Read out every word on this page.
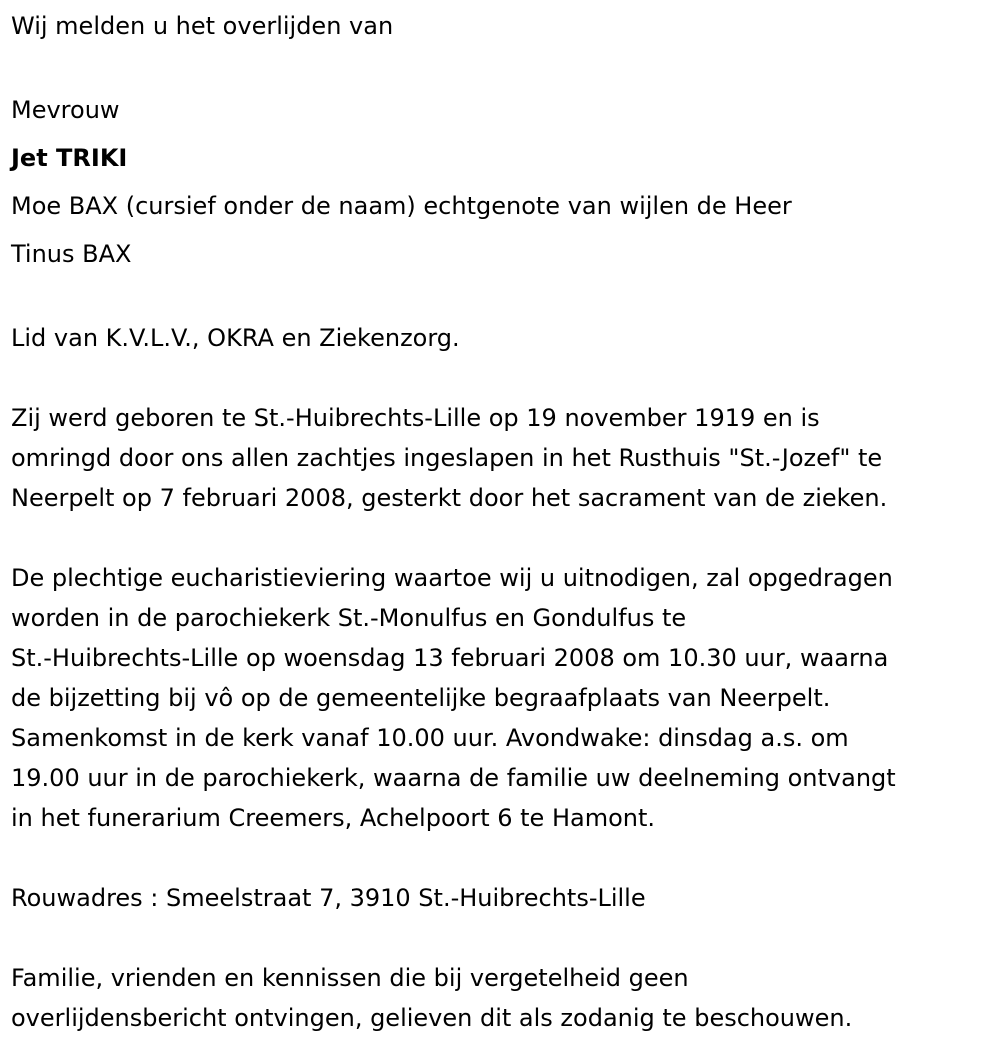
Wij melden u het overlijden van
Mevrouw
Jet TRIKI
Moe BAX (cursief onder de naam) echtgenote van wijlen de Heer
Tinus BAX
Lid van K.V.L.V., OKRA en Ziekenzorg.
Zij werd geboren te St.-Huibrechts-Lille op 19 november 1919 en is
omringd door ons allen zachtjes ingeslapen in het Rusthuis "St.-Jozef" te
Neerpelt op 7 februari 2008, gesterkt door het sacrament van de zieken.
De plechtige eucharistieviering waartoe wij u uitnodigen, zal opgedragen
worden in de parochiekerk St.-Monulfus en Gondulfus te
St.-Huibrechts-Lille op woensdag 13 februari 2008 om 10.30 uur, waarna
de bijzetting bij vô op de gemeentelijke begraafplaats van Neerpelt.
Samenkomst in de kerk vanaf 10.00 uur. Avondwake: dinsdag a.s. om
19.00 uur in de parochiekerk, waarna de familie uw deelneming ontvangt
in het funerarium Creemers, Achelpoort 6 te Hamont.
Rouwadres : Smeelstraat 7, 3910 St.-Huibrechts-Lille
Familie, vrienden en kennissen die bij vergetelheid geen
overlijdensbericht ontvingen, gelieven dit als zodanig te beschouwen.
